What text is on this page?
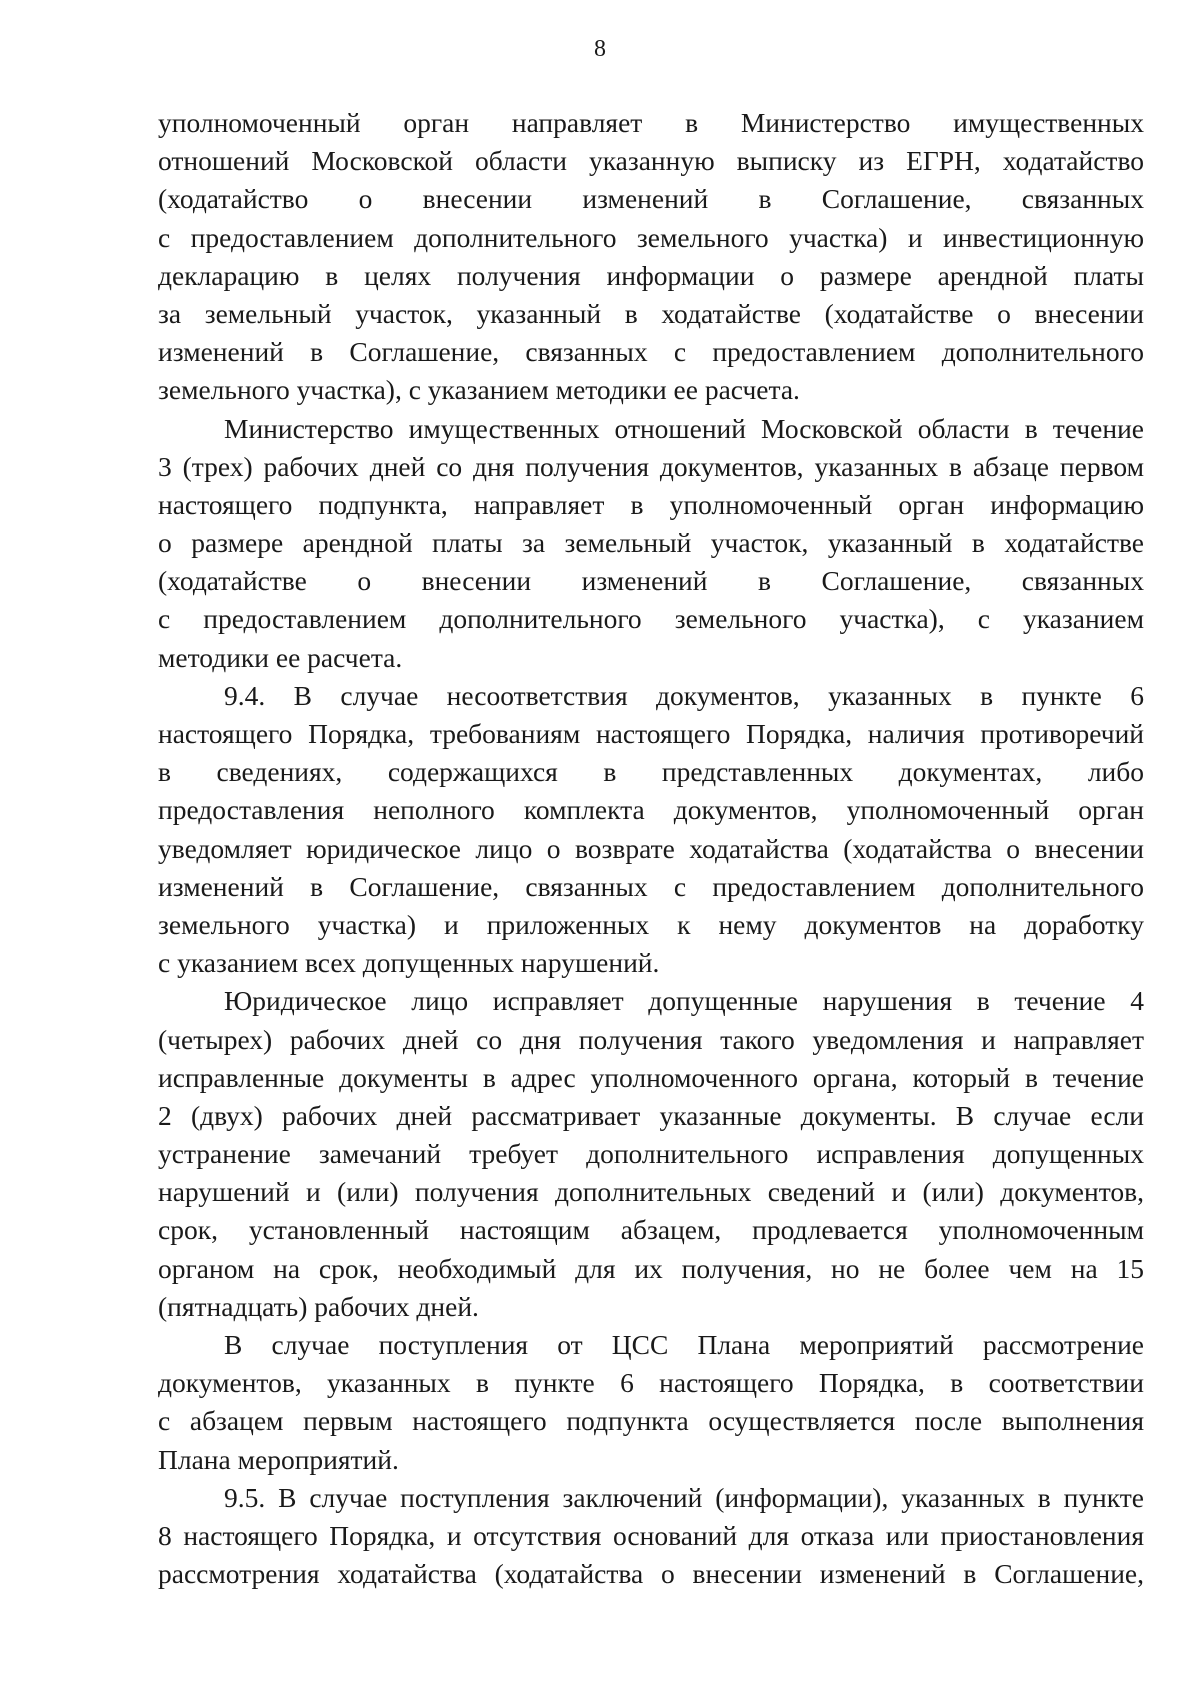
8
уполномоченный орган направляет в Министерство имущественных
отношений Московской области указанную выписку из ЕГРН, ходатайство
(ходатайство о внесении изменений в Соглашение, связанных
с предоставлением дополнительного земельного участка) и инвестиционную
декларацию в целях получения информации о размере арендной платы
за земельный участок, указанный в ходатайстве (ходатайстве о внесении
изменений в Соглашение, связанных с предоставлением дополнительного
земельного участка), с указанием методики ее расчета.
Министерство имущественных отношений Московской области в течение
3 (трех) рабочих дней со дня получения документов, указанных в абзаце первом
настоящего подпункта, направляет в уполномоченный орган информацию
о размере арендной платы за земельный участок, указанный в ходатайстве
(ходатайстве о внесении изменений в Соглашение, связанных
с предоставлением дополнительного земельного участка), с указанием
методики ее расчета.
9.4. В случае несоответствия документов, указанных в пункте 6
настоящего Порядка, требованиям настоящего Порядка, наличия противоречий
в сведениях, содержащихся в представленных документах, либо
предоставления неполного комплекта документов, уполномоченный орган
уведомляет юридическое лицо о возврате ходатайства (ходатайства о внесении
изменений в Соглашение, связанных с предоставлением дополнительного
земельного участка) и приложенных к нему документов на доработку
с указанием всех допущенных нарушений.
Юридическое лицо исправляет допущенные нарушения в течение 4
(четырех) рабочих дней со дня получения такого уведомления и направляет
исправленные документы в адрес уполномоченного органа, который в течение
2 (двух) рабочих дней рассматривает указанные документы. В случае если
устранение замечаний требует дополнительного исправления допущенных
нарушений и (или) получения дополнительных сведений и (или) документов,
срок, установленный настоящим абзацем, продлевается уполномоченным
органом на срок, необходимый для их получения, но не более чем на 15
(пятнадцать) рабочих дней.
В случае поступления от ЦСС Плана мероприятий рассмотрение
документов, указанных в пункте 6 настоящего Порядка, в соответствии
с абзацем первым настоящего подпункта осуществляется после выполнения
Плана мероприятий.
9.5. В случае поступления заключений (информации), указанных в пункте
8 настоящего Порядка, и отсутствия оснований для отказа или приостановления
рассмотрения ходатайства (ходатайства о внесении изменений в Соглашение,
